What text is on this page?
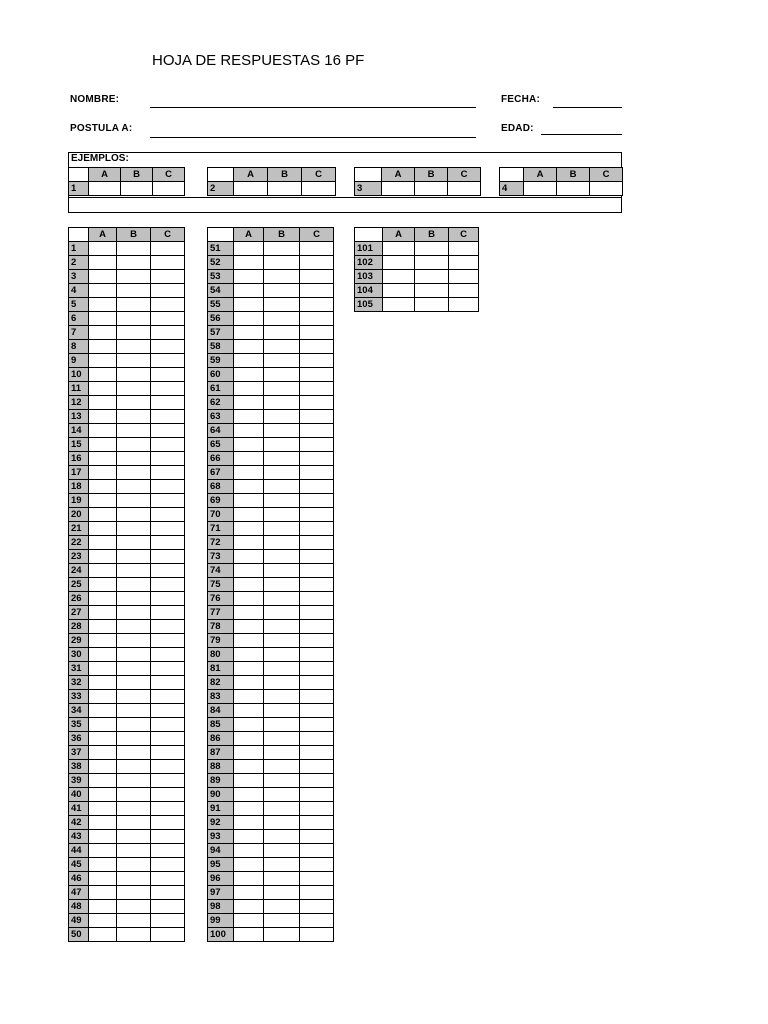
HOJA DE RESPUESTAS 16 PF
NOMBRE:	FECHA:
POSTULA A:	EDAD:
EJEMPLOS:
	A	B	C
1			
	A	B	C
2			
	A	B	C
3			
	A	B	C
4			
	A	B	C
1			
2			
3			
4			
5			
6			
7			
8			
9			
10			
11			
12			
13			
14			
15			
16			
17			
18			
19			
20			
21			
22			
23			
24			
25			
26			
27			
28			
29			
30			
31			
32			
33			
34			
35			
36			
37			
38			
39			
40			
41			
42			
43			
44			
45			
46			
47			
48			
49			
50			
	A	B	C
51			
52			
53			
54			
55			
56			
57			
58			
59			
60			
61			
62			
63			
64			
65			
66			
67			
68			
69			
70			
71			
72			
73			
74			
75			
76			
77			
78			
79			
80			
81			
82			
83			
84			
85			
86			
87			
88			
89			
90			
91			
92			
93			
94			
95			
96			
97			
98			
99			
100			
	A	B	C
101			
102			
103			
104			
105			
